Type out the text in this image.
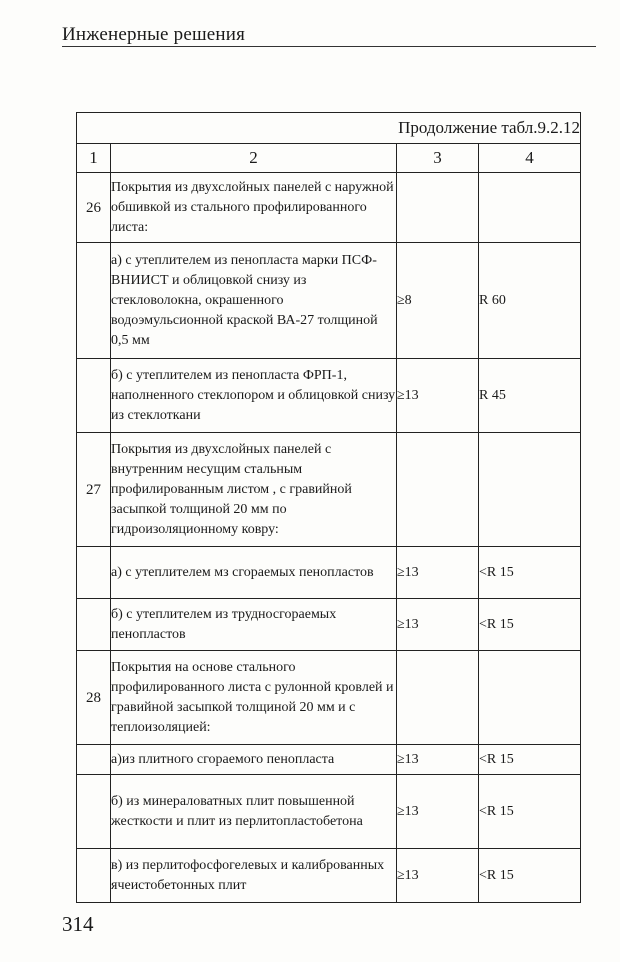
Инженерные решения
Продолжение табл.9.2.12			
1	2	3	4
26	Покрытия из двухслойных панелей с наружной обшивкой из стального профилированного листа:		
	а) с утеплителем из пенопласта марки ПСФ-ВНИИСТ и облицовкой снизу из стекловолокна, окрашенного водоэмульсионной краской ВА-27 толщиной 0,5 мм	≥8	R 60
	б) с утеплителем из пенопласта ФРП-1, наполненного стеклопором и облицовкой снизу из стеклоткани	≥13	R 45
27	Покрытия из двухслойных панелей с внутренним несущим стальным профилированным листом , с гравийной засыпкой толщиной 20 мм по гидроизоляционному ковру:		
	а) с утеплителем мз сгораемых пенопластов	≥13	<R 15
	б) с утеплителем из трудносгораемых пенопластов	≥13	<R 15
28	Покрытия на основе стального профилированного листа с рулонной кровлей и гравийной засыпкой толщиной 20 мм и с теплоизоляцией:		
	а)из плитного сгораемого пенопласта	≥13	<R 15
	б) из минераловатных плит повышенной жесткости и плит из перлитопластобетона	≥13	<R 15
	в) из перлитофосфогелевых и калиброванных ячеистобетонных плит	≥13	<R 15
314
